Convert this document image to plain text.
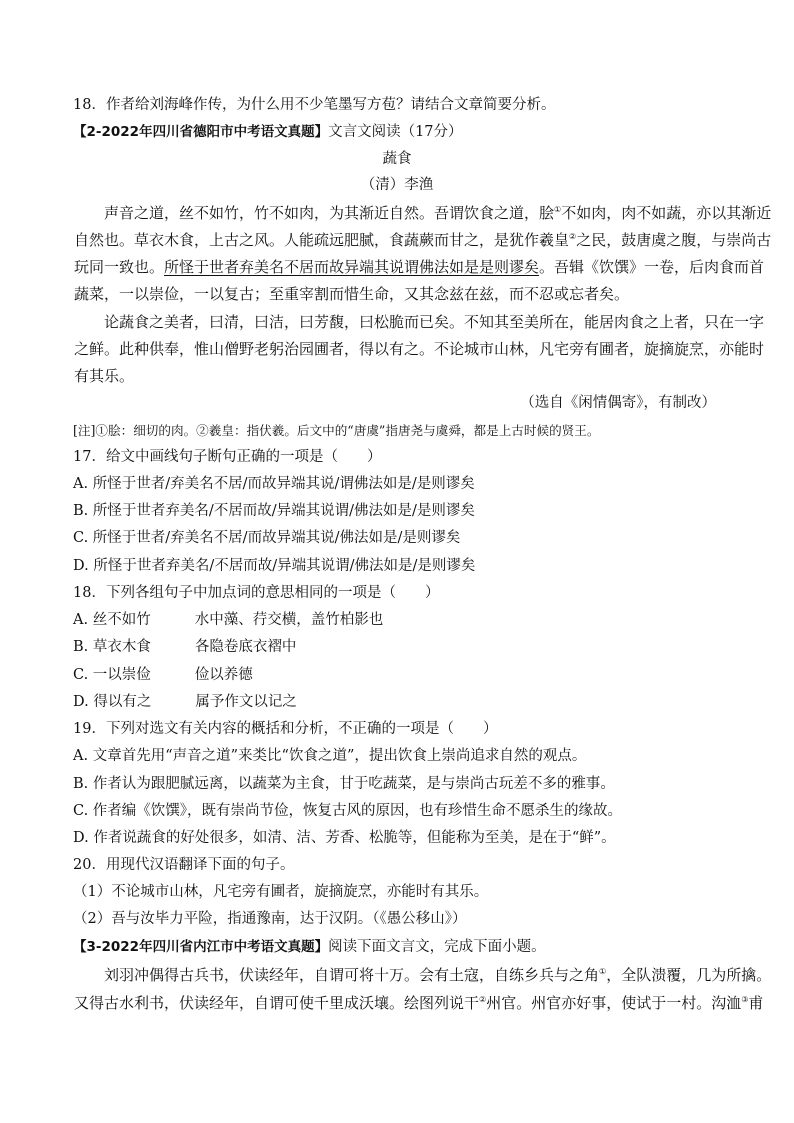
18．作者给刘海峰作传，为什么用不少笔墨写方苞？请结合文章简要分析。
【2-2022年四川省德阳市中考语文真题】文言文阅读（17分）
蔬食
（清）李渔
　　声音之道，丝不如竹，竹不如肉，为其渐近自然。吾谓饮食之道，脍①不如肉，肉不如蔬，亦以其渐近
自然也。草衣木食，上古之风。人能疏远肥腻，食蔬蕨而甘之，是犹作羲皇②之民，鼓唐虞之腹，与崇尚古
玩同一致也。所怪于世者弃美名不居而故异端其说谓佛法如是是则谬矣。吾辑《饮馔》一卷，后肉食而首
蔬菜，一以崇俭，一以复古；至重宰割而惜生命，又其念兹在兹，而不忍或忘者矣。
　　论蔬食之美者，曰清，曰洁，曰芳馥，曰松脆而已矣。不知其至美所在，能居肉食之上者，只在一字
之鲜。此种供奉，惟山僧野老躬治园圃者，得以有之。不论城市山林，凡宅旁有圃者，旋摘旋烹，亦能时
有其乐。
（选自《闲情偶寄》，有制改）
[注]①脍：细切的肉。②羲皇：指伏羲。后文中的“唐虞”指唐尧与虞舜，都是上古时候的贤王。
17．给文中画线句子断句正确的一项是（　　）
A. 所怪于世者/弃美名不居/而故异端其说/谓佛法如是/是则谬矣
B. 所怪于世者弃美名/不居而故/异端其说谓/佛法如是/是则谬矣
C. 所怪于世者/弃美名不居/而故异端其说/佛法如是/是则谬矣
D. 所怪于世者弃美名/不居而故/异端其说谓/佛法如是/是则谬矣
18．下列各组句子中加点词的意思相同的一项是（　　）
A. 丝不如竹	水中藻、荇交横，盖竹柏影也
B. 草衣木食	各隐卷底衣褶中
C. 一以崇俭	俭以养德
D. 得以有之	属予作文以记之
19．下列对选文有关内容的概括和分析，不正确的一项是（　　）
A. 文章首先用“声音之道”来类比“饮食之道”，提出饮食上崇尚追求自然的观点。
B. 作者认为跟肥腻远离，以蔬菜为主食，甘于吃蔬菜，是与崇尚古玩差不多的雅事。
C. 作者编《饮馔》，既有崇尚节俭，恢复古风的原因，也有珍惜生命不愿杀生的缘故。
D. 作者说蔬食的好处很多，如清、洁、芳香、松脆等，但能称为至美，是在于“鲜”。
20．用现代汉语翻译下面的句子。
（1）不论城市山林，凡宅旁有圃者，旋摘旋烹，亦能时有其乐。
（2）吾与汝毕力平险，指通豫南，达于汉阴。（《愚公移山》）
【3-2022年四川省内江市中考语文真题】阅读下面文言文，完成下面小题。
　　刘羽冲偶得古兵书，伏读经年，自谓可将十万。会有土寇，自练乡兵与之角①，全队溃覆，几为所擒。
又得古水利书，伏读经年，自谓可使千里成沃壤。绘图列说干②州官。州官亦好事，使试于一村。沟洫③甫
